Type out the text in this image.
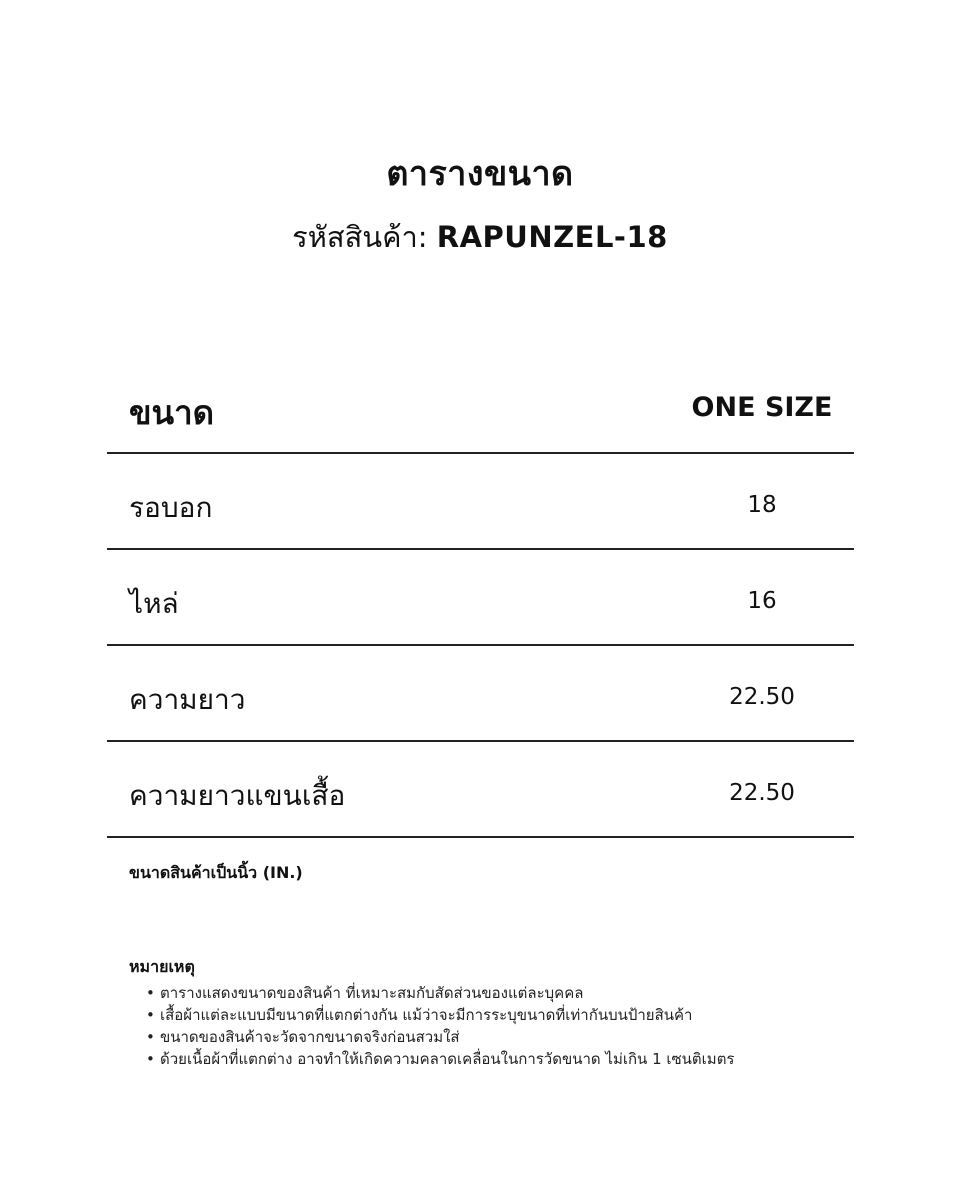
ตารางขนาด
รหัสสินค้า: RAPUNZEL-18
ขนาด	ONE SIZE
รอบอก	18
ไหล่	16
ความยาว	22.50
ความยาวแขนเสื้อ	22.50
ขนาดสินค้าเป็นนิ้ว (IN.)
หมายเหตุ
• ตารางแสดงขนาดของสินค้า ที่เหมาะสมกับสัดส่วนของแต่ละบุคคล
• เสื้อผ้าแต่ละแบบมีขนาดที่แตกต่างกัน แม้ว่าจะมีการระบุขนาดที่เท่ากันบนป้ายสินค้า
• ขนาดของสินค้าจะวัดจากขนาดจริงก่อนสวมใส่
• ด้วยเนื้อผ้าที่แตกต่าง อาจทำให้เกิดความคลาดเคลื่อนในการวัดขนาด ไม่เกิน 1 เซนติเมตร
